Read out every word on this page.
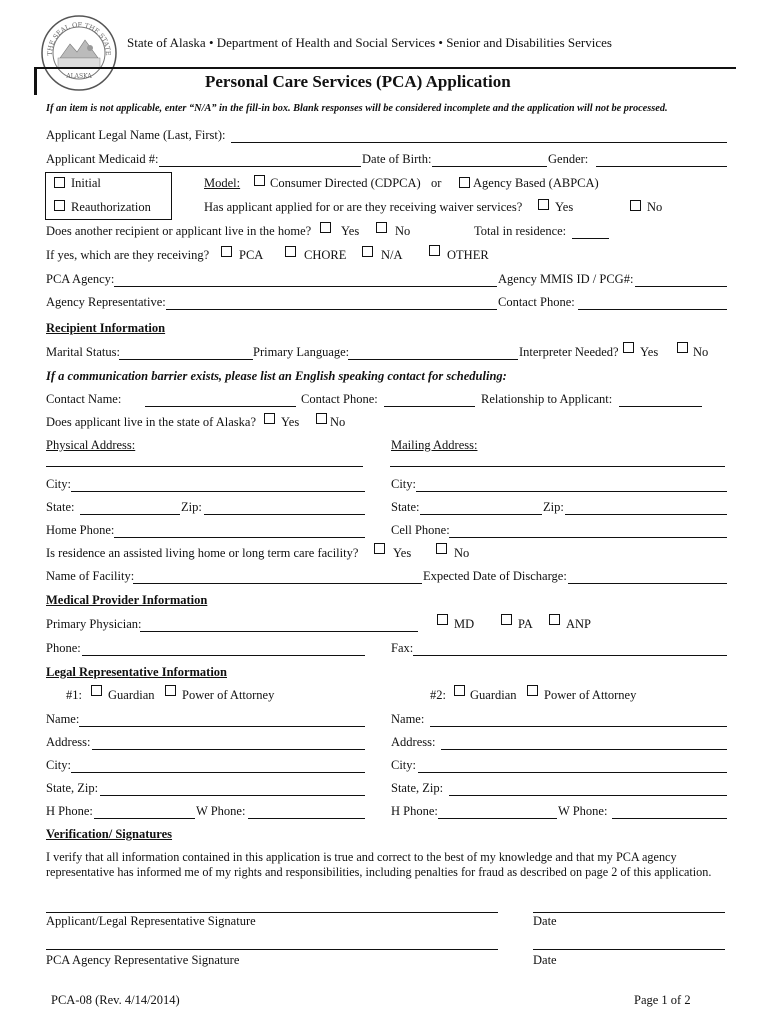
THE SEAL OF THE STATE
ALASKA
State of Alaska • Department of Health and Social Services • Senior and Disabilities Services
Personal Care Services (PCA) Application
If an item is not applicable, enter “N/A” in the fill-in box. Blank responses will be considered incomplete and the application will not be processed.
Applicant Legal Name (Last, First):
Applicant Medicaid #:	Date of Birth:	Gender:
Initial
Reauthorization
Model: Consumer Directed (CDPCA) or	Agency Based (ABPCA)
Has applicant applied for or are they receiving waiver services?	Yes	No
Does another recipient or applicant live in the home? Yes	No	Total in residence:
If yes, which are they receiving? PCA	CHORE	N/A	OTHER
PCA Agency:	Agency MMIS ID / PCG#:
Agency Representative:	Contact Phone:
Recipient Information
Marital Status:	Primary Language:	Interpreter Needed? Yes	No
If a communication barrier exists, please list an English speaking contact for scheduling:
Contact Name:	Contact Phone:	Relationship to Applicant:
Does applicant live in the state of Alaska? Yes No
Physical Address:	Mailing Address:
City:	City:
State:	Zip:	State:	Zip:
Home Phone:	Cell Phone:
Is residence an assisted living home or long term care facility?	Yes	No
Name of Facility:	Expected Date of Discharge:
Medical Provider Information
Primary Physician:	MD	PA	ANP
Phone:	Fax:
Legal Representative Information
#1: Guardian Power of Attorney	#2: Guardian Power of Attorney
Name:	Name:
Address:	Address:
City:	City:
State, Zip:	State, Zip:
H Phone:	W Phone:	H Phone:	W Phone:
Verification/ Signatures
I verify that all information contained in this application is true and correct to the best of my knowledge and that my PCA agency
representative has informed me of my rights and responsibilities, including penalties for fraud as described on page 2 of this application.
Applicant/Legal Representative Signature	Date
PCA Agency Representative Signature	Date
PCA-08 (Rev. 4/14/2014)	Page 1 of 2
